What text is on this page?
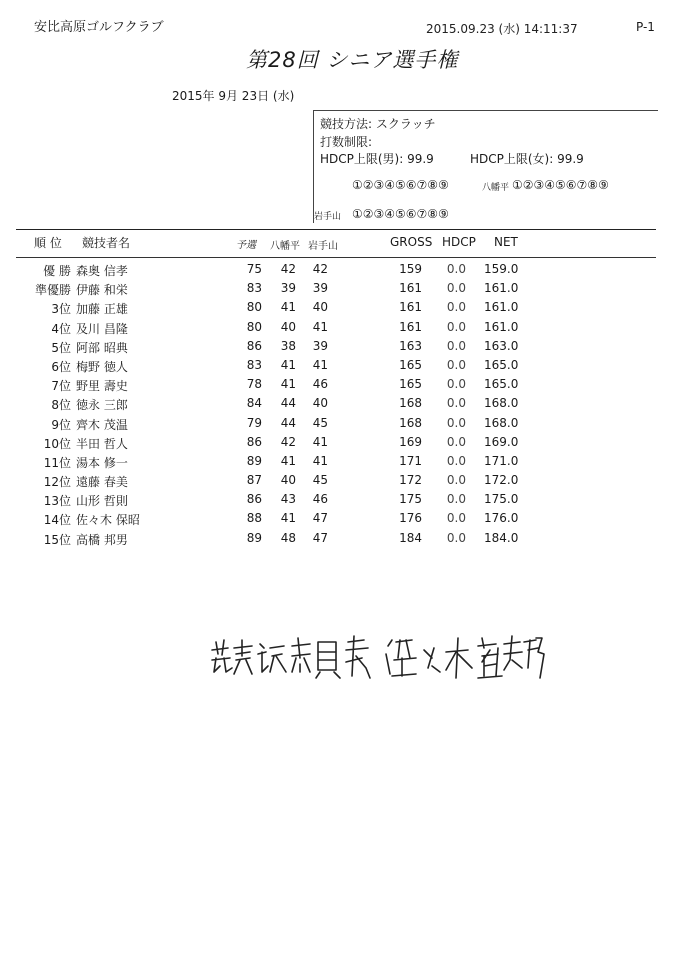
安比高原ゴルフクラブ	2015.09.23 (水) 14:11:37	P-1
第28回 シニア選手権
2015年 9月 23日 (水)
競技方法: スクラッチ
打数制限:
HDCP上限(男): 99.9	HDCP上限(女): 99.9
①②③④⑤⑥⑦⑧⑨	八幡平 ①②③④⑤⑥⑦⑧⑨
岩手山 ①②③④⑤⑥⑦⑧⑨
順 位 競技者名	予選 八幡平 岩手山	GROSS HDCP NET
優 勝 森奥 信孝	75	42	42	159	0.0 159.0
準優勝 伊藤 和栄	83	39	39	161	0.0 161.0
3位 加藤 正雄	80	41	40	161	0.0 161.0
4位 及川 昌隆	80	40	41	161	0.0 161.0
5位 阿部 昭典	86	38	39	163	0.0 163.0
6位 梅野 徳人	83	41	41	165	0.0 165.0
7位 野里 壽史	78	41	46	165	0.0 165.0
8位 徳永 三郎	84	44	40	168	0.0 168.0
9位 齊木 茂温	79	44	45	168	0.0 168.0
10位 半田 哲人	86	42	41	169	0.0 169.0
11位 湯本 修一	89	41	41	171	0.0 171.0
12位 遠藤 春美	87	40	45	172	0.0 172.0
13位 山形 哲則	86	43	46	175	0.0 175.0
14位 佐々木 保昭	88	41	47	176	0.0 176.0
15位 高橋 邦男	89	48	47	184	0.0 184.0
